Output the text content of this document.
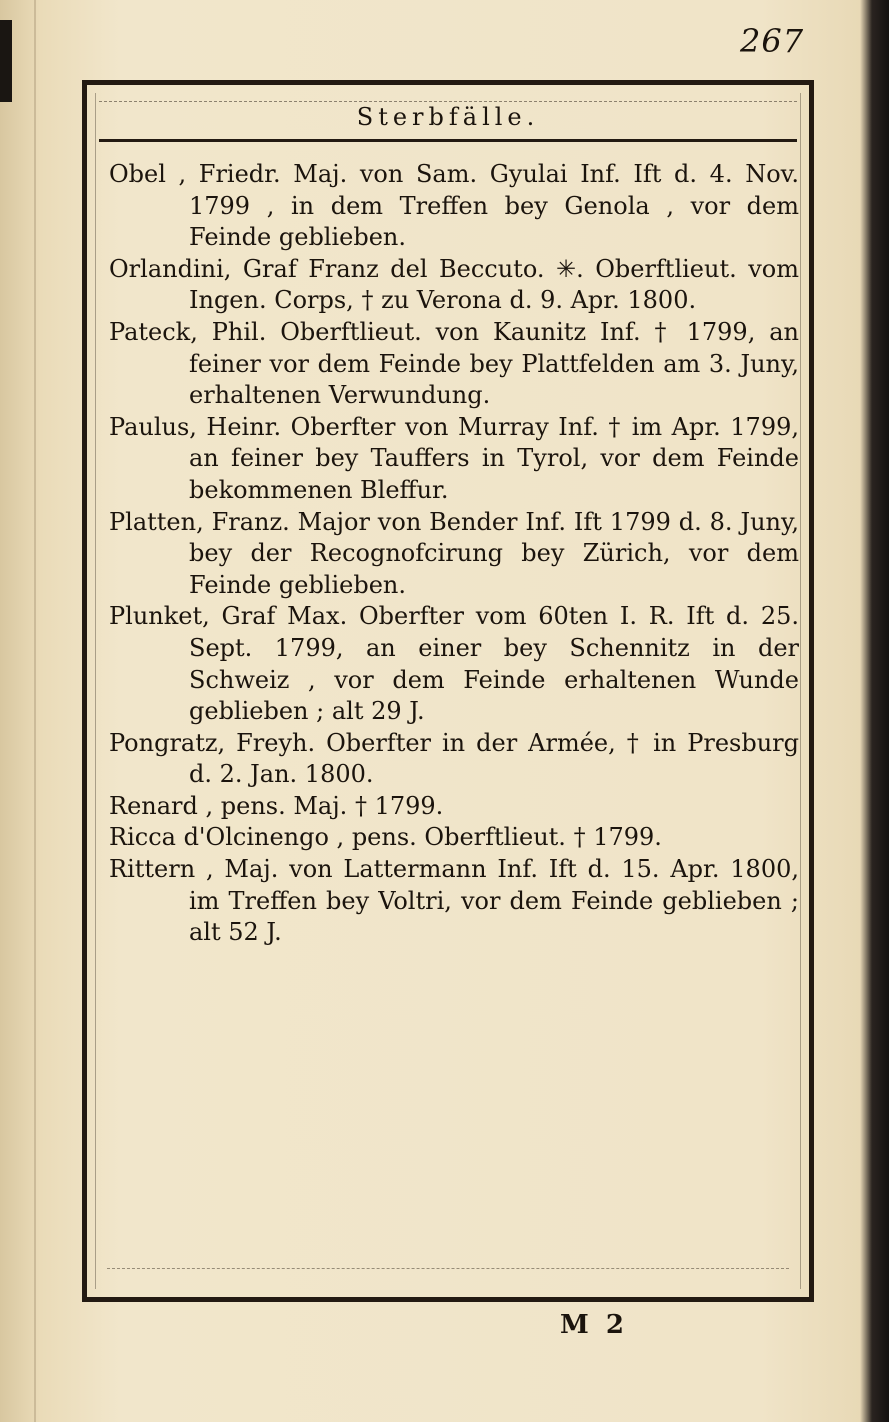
267
Sterbfälle.

Obel , Friedr. Maj. von Sam. Gyulai Inf. Ift d. 4. Nov. 1799 , in dem Treffen bey Genola , vor dem Feinde geblieben.

Orlandini, Graf Franz del Beccuto. ✳. Oberftlieut. vom Ingen. Corps, † zu Verona d. 9. Apr. 1800.

Pateck, Phil. Oberftlieut. von Kaunitz Inf. † 1799, an feiner vor dem Feinde bey Plattfelden am 3. Juny, erhaltenen Verwundung.

Paulus, Heinr. Oberfter von Murray Inf. † im Apr. 1799, an feiner bey Tauffers in Tyrol, vor dem Feinde bekommenen Bleffur.

Platten, Franz. Major von Bender Inf. Ift 1799 d. 8. Juny, bey der Recognofcirung bey Zürich, vor dem Feinde geblieben.

Plunket, Graf Max. Oberfter vom 60ten I. R. Ift d. 25. Sept. 1799, an einer bey Schennitz in der Schweiz , vor dem Feinde erhaltenen Wunde geblieben ; alt 29 J.

Pongratz, Freyh. Oberfter in der Armée, † in Presburg d. 2. Jan. 1800.

Renard , pens. Maj. † 1799.

Ricca d'Olcinengo , pens. Oberftlieut. † 1799.

Rittern , Maj. von Lattermann Inf. Ift d. 15. Apr. 1800, im Treffen bey Voltri, vor dem Feinde geblieben ; alt 52 J.

M 2
